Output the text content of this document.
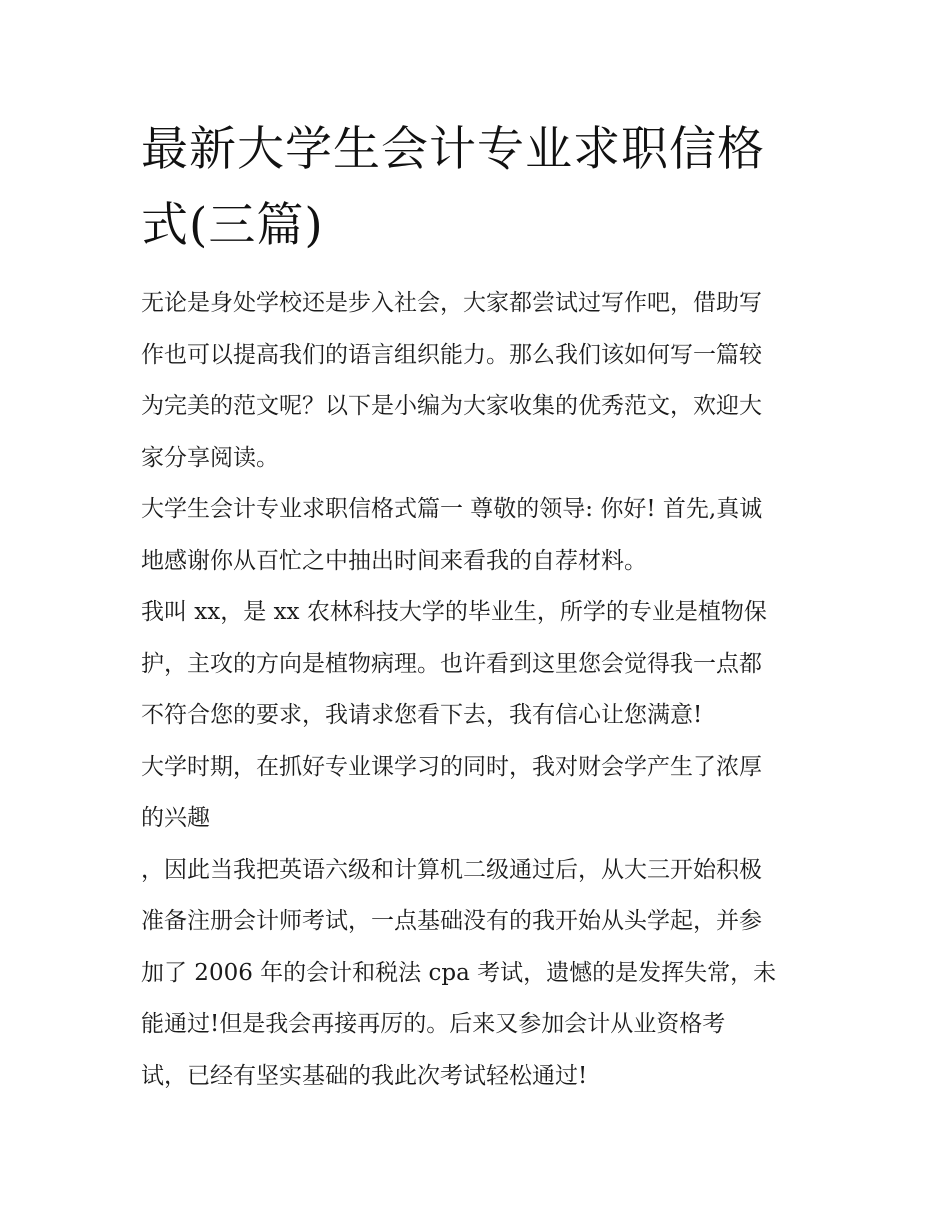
最新大学生会计专业求职信格
式(三篇)
无论是身处学校还是步入社会，大家都尝试过写作吧，借助写
作也可以提高我们的语言组织能力。那么我们该如何写一篇较
为完美的范文呢？以下是小编为大家收集的优秀范文，欢迎大
家分享阅读。
大学生会计专业求职信格式篇一 尊敬的领导: 你好! 首先,真诚
地感谢你从百忙之中抽出时间来看我的自荐材料。
我叫 xx，是 xx 农林科技大学的毕业生，所学的专业是植物保
护，主攻的方向是植物病理。也许看到这里您会觉得我一点都
不符合您的要求，我请求您看下去，我有信心让您满意!
大学时期，在抓好专业课学习的同时，我对财会学产生了浓厚
的兴趣
，因此当我把英语六级和计算机二级通过后，从大三开始积极
准备注册会计师考试，一点基础没有的我开始从头学起，并参
加了 2006 年的会计和税法 cpa 考试，遗憾的是发挥失常，未
能通过!但是我会再接再厉的。后来又参加会计从业资格考
试，已经有坚实基础的我此次考试轻松通过!
